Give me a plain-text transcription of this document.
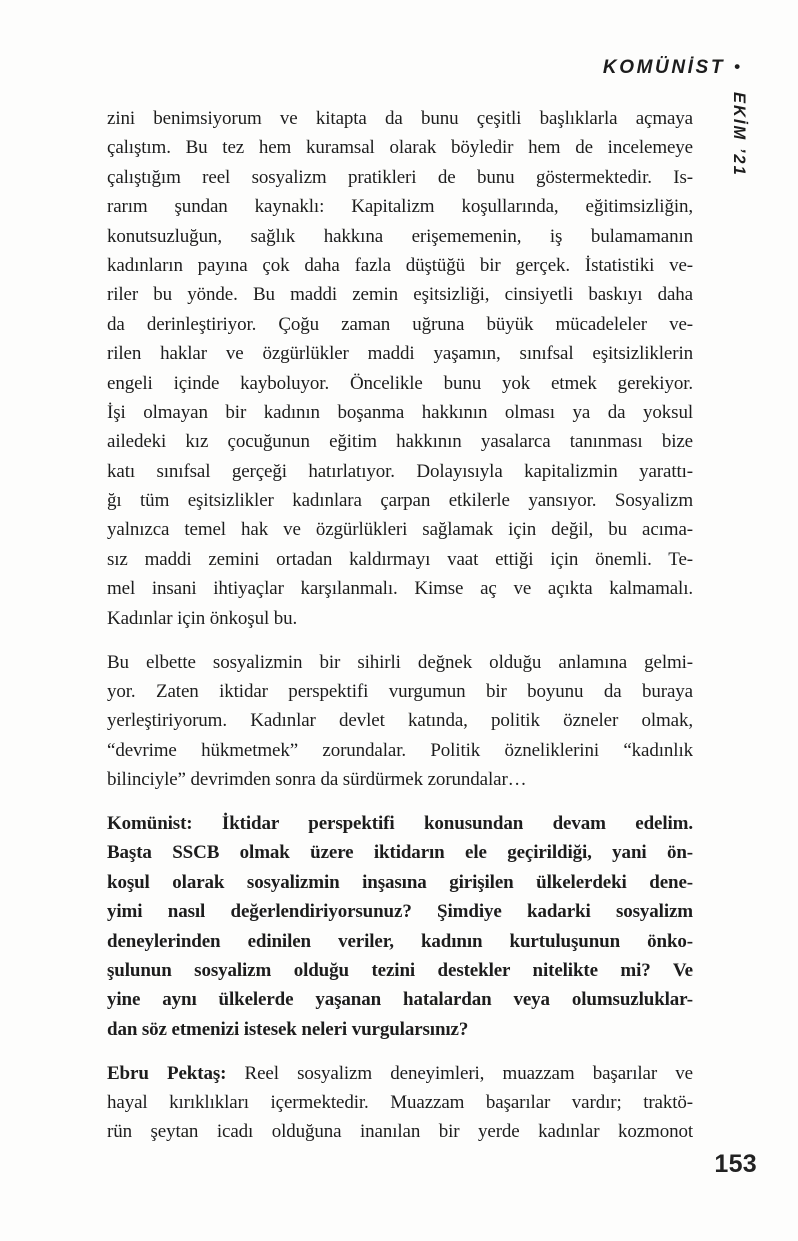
KOMÜNİST •
EKİM ’21
zini benimsiyorum ve kitapta da bunu çeşitli başlıklarla açmaya
çalıştım. Bu tez hem kuramsal olarak böyledir hem de incelemeye
çalıştığım reel sosyalizm pratikleri de bunu göstermektedir. Is-
rarım şundan kaynaklı: Kapitalizm koşullarında, eğitimsizliğin,
konutsuzluğun, sağlık hakkına erişememenin, iş bulamamanın
kadınların payına çok daha fazla düştüğü bir gerçek. İstatistiki ve-
riler bu yönde. Bu maddi zemin eşitsizliği, cinsiyetli baskıyı daha
da derinleştiriyor. Çoğu zaman uğruna büyük mücadeleler ve-
rilen haklar ve özgürlükler maddi yaşamın, sınıfsal eşitsizliklerin
engeli içinde kayboluyor. Öncelikle bunu yok etmek gerekiyor.
İşi olmayan bir kadının boşanma hakkının olması ya da yoksul
ailedeki kız çocuğunun eğitim hakkının yasalarca tanınması bize
katı sınıfsal gerçeği hatırlatıyor. Dolayısıyla kapitalizmin yarattı-
ğı tüm eşitsizlikler kadınlara çarpan etkilerle yansıyor. Sosyalizm
yalnızca temel hak ve özgürlükleri sağlamak için değil, bu acıma-
sız maddi zemini ortadan kaldırmayı vaat ettiği için önemli. Te-
mel insani ihtiyaçlar karşılanmalı. Kimse aç ve açıkta kalmamalı.
Kadınlar için önkoşul bu.
Bu elbette sosyalizmin bir sihirli değnek olduğu anlamına gelmi-
yor. Zaten iktidar perspektifi vurgumun bir boyunu da buraya
yerleştiriyorum. Kadınlar devlet katında, politik özneler olmak,
“devrime hükmetmek” zorundalar. Politik özneliklerini “kadınlık
bilinciyle” devrimden sonra da sürdürmek zorundalar…
Komünist: İktidar perspektifi konusundan devam edelim.
Başta SSCB olmak üzere iktidarın ele geçirildiği, yani ön-
koşul olarak sosyalizmin inşasına girişilen ülkelerdeki dene-
yimi nasıl değerlendiriyorsunuz? Şimdiye kadarki sosyalizm
deneylerinden edinilen veriler, kadının kurtuluşunun önko-
şulunun sosyalizm olduğu tezini destekler nitelikte mi? Ve
yine aynı ülkelerde yaşanan hatalardan veya olumsuzluklar-
dan söz etmenizi istesek neleri vurgularsınız?
Ebru Pektaş: Reel sosyalizm deneyimleri, muazzam başarılar ve
hayal kırıklıkları içermektedir. Muazzam başarılar vardır; traktö-
rün şeytan icadı olduğuna inanılan bir yerde kadınlar kozmonot
153
